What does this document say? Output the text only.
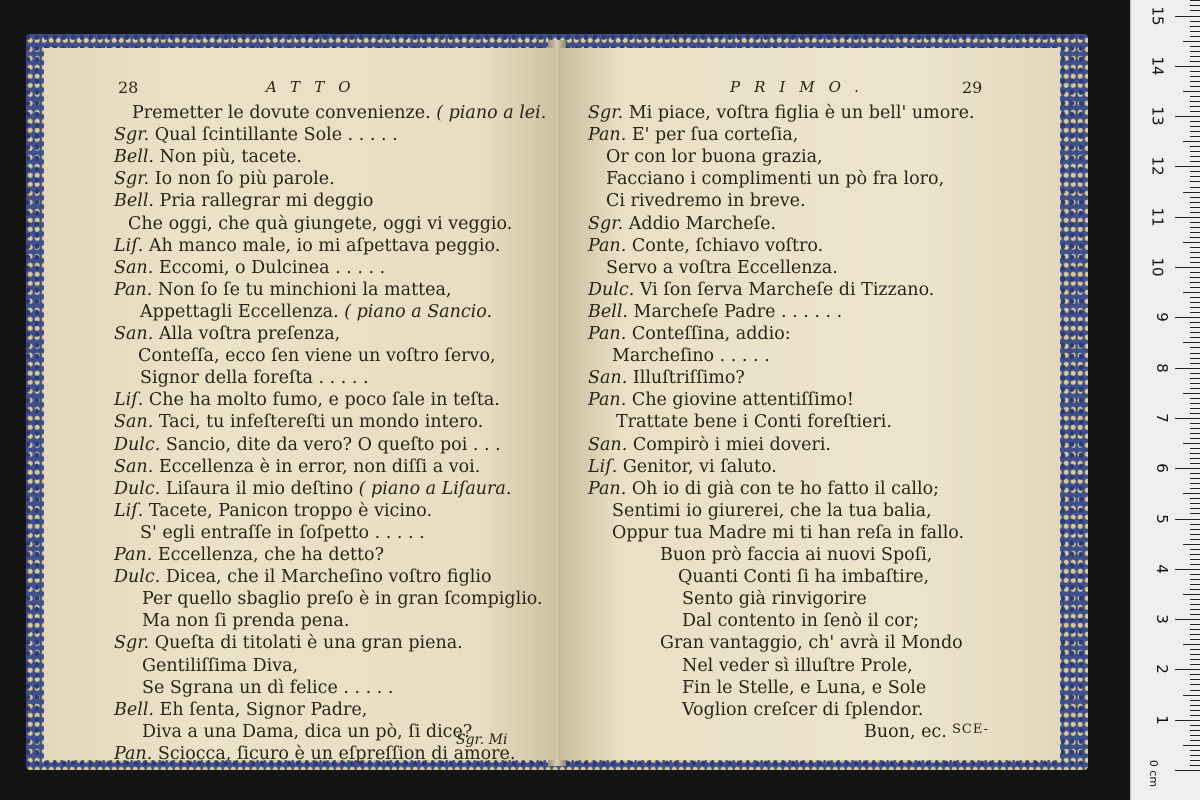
28	ATTO
Premetter le dovute convenienze. ( piano a lei.
Sgr. Qual ſcintillante Sole . . . . .
Bell. Non più, tacete.
Sgr. Io non ſo più parole.
Bell. Pria rallegrar mi deggio
Che oggi, che quà giungete, oggi vi veggio.
Liſ. Ah manco male, io mi aſpettava peggio.
San. Eccomi, o Dulcinea . . . . .
Pan. Non ſo ſe tu minchioni la mattea,
Appettagli Eccellenza. ( piano a Sancio.
San. Alla voſtra preſenza,
Conteſſa, ecco ſen viene un voſtro ſervo,
Signor della foreſta . . . . .
Liſ. Che ha molto fumo, e poco ſale in teſta.
San. Taci, tu infeſtereſti un mondo intero.
Dulc. Sancio, dite da vero? O queſto poi . . .
San. Eccellenza è in error, non diſſi a voi.
Dulc. Liſaura il mio deſtino ( piano a Liſaura.
Liſ. Tacete, Panicon troppo è vicino.
S' egli entraſſe in ſoſpetto . . . . .
Pan. Eccellenza, che ha detto?
Dulc. Dicea, che il Marcheſino voſtro figlio
Per quello sbaglio preſo è in gran ſcompiglio.
Ma non ſi prenda pena.
Sgr. Queſta di titolati è una gran piena.
Gentiliſſima Diva,
Se Sgrana un dì felice . . . . .
Bell. Eh ſenta, Signor Padre,
Diva a una Dama, dica un pò, ſi dice?
Pan. Sciocca, ſicuro è un eſpreſſion di amore.
Sgr. Mi
PRIMO.	29
Sgr. Mi piace, voſtra figlia è un bell' umore.
Pan. E' per ſua corteſia,
Or con lor buona grazia,
Facciano i complimenti un pò fra loro,
Ci rivedremo in breve.
Sgr. Addio Marcheſe.
Pan. Conte, ſchiavo voſtro.
Servo a voſtra Eccellenza.
Dulc. Vi ſon ſerva Marcheſe di Tizzano.
Bell. Marcheſe Padre . . . . . .
Pan. Conteſſina, addio:
Marcheſino . . . . .
San. Illuſtriſſimo?
Pan. Che giovine attentiſſimo!
Trattate bene i Conti foreſtieri.
San. Compirò i miei doveri.
Liſ. Genitor, vi ſaluto.
Pan. Oh io di già con te ho fatto il callo;
Sentimi io giurerei, che la tua balia,
Oppur tua Madre mi ti han reſa in fallo.
Buon prò faccia ai nuovi Spoſi,
Quanti Conti ſi ha imbaſtire,
Sento già rinvigorire
Dal contento in ſenò il cor;
Gran vantaggio, ch' avrà il Mondo
Nel veder sì illuſtre Prole,
Fin le Stelle, e Luna, e Sole
Voglion creſcer di ſplendor.
Buon, ec. SCE-
0 cm
1
2
3
4
5
6
7
8
9
10
11
12
13
14
15
